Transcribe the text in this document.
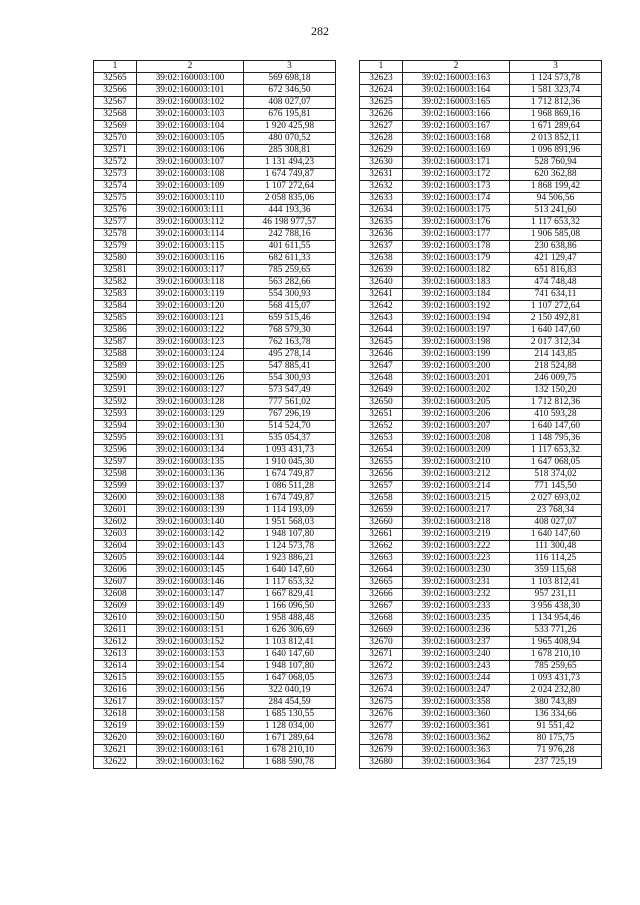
282
1	2	3
32565	39:02:160003:100	569 698,18
32566	39:02:160003:101	672 346,50
32567	39:02:160003:102	408 027,07
32568	39:02:160003:103	676 195,81
32569	39:02:160003:104	1 920 425,98
32570	39:02:160003:105	480 070,52
32571	39:02:160003:106	285 308,81
32572	39:02:160003:107	1 131 494,23
32573	39:02:160003:108	1 674 749,87
32574	39:02:160003:109	1 107 272,64
32575	39:02:160003:110	2 058 835,06
32576	39:02:160003:111	444 193,36
32577	39:02:160003:112	46 198 977,57
32578	39:02:160003:114	242 788,16
32579	39:02:160003:115	401 611,55
32580	39:02:160003:116	682 611,33
32581	39:02:160003:117	785 259,65
32582	39:02:160003:118	563 282,66
32583	39:02:160003:119	554 300,93
32584	39:02:160003:120	568 415,07
32585	39:02:160003:121	659 515,46
32586	39:02:160003:122	768 579,30
32587	39:02:160003:123	762 163,78
32588	39:02:160003:124	495 278,14
32589	39:02:160003:125	547 885,41
32590	39:02:160003:126	554 300,93
32591	39:02:160003:127	573 547,49
32592	39:02:160003:128	777 561,02
32593	39:02:160003:129	767 296,19
32594	39:02:160003:130	514 524,70
32595	39:02:160003:131	535 054,37
32596	39:02:160003:134	1 093 431,73
32597	39:02:160003:135	1 910 045,30
32598	39:02:160003:136	1 674 749,87
32599	39:02:160003:137	1 086 511,28
32600	39:02:160003:138	1 674 749,87
32601	39:02:160003:139	1 114 193,09
32602	39:02:160003:140	1 951 568,03
32603	39:02:160003:142	1 948 107,80
32604	39:02:160003:143	1 124 573,78
32605	39:02:160003:144	1 923 886,21
32606	39:02:160003:145	1 640 147,60
32607	39:02:160003:146	1 117 653,32
32608	39:02:160003:147	1 667 829,41
32609	39:02:160003:149	1 166 096,50
32610	39:02:160003:150	1 958 488,48
32611	39:02:160003:151	1 626 306,69
32612	39:02:160003:152	1 103 812,41
32613	39:02:160003:153	1 640 147,60
32614	39:02:160003:154	1 948 107,80
32615	39:02:160003:155	1 647 068,05
32616	39:02:160003:156	322 040,19
32617	39:02:160003:157	284 454,59
32618	39:02:160003:158	1 685 130,55
32619	39:02:160003:159	1 128 034,00
32620	39:02:160003:160	1 671 289,64
32621	39:02:160003:161	1 678 210,10
32622	39:02:160003:162	1 688 590,78
1	2	3
32623	39:02:160003:163	1 124 573,78
32624	39:02:160003:164	1 581 323,74
32625	39:02:160003:165	1 712 812,36
32626	39:02:160003:166	1 968 869,16
32627	39:02:160003:167	1 671 289,64
32628	39:02:160003:168	2 013 852,11
32629	39:02:160003:169	1 096 891,96
32630	39:02:160003:171	528 760,94
32631	39:02:160003:172	620 362,88
32632	39:02:160003:173	1 868 199,42
32633	39:02:160003:174	94 506,56
32634	39:02:160003:175	513 241,60
32635	39:02:160003:176	1 117 653,32
32636	39:02:160003:177	1 906 585,08
32637	39:02:160003:178	230 638,86
32638	39:02:160003:179	421 129,47
32639	39:02:160003:182	651 816,83
32640	39:02:160003:183	474 748,48
32641	39:02:160003:184	741 634,11
32642	39:02:160003:192	1 107 272,64
32643	39:02:160003:194	2 150 492,81
32644	39:02:160003:197	1 640 147,60
32645	39:02:160003:198	2 017 312,34
32646	39:02:160003:199	214 143,85
32647	39:02:160003:200	218 524,88
32648	39:02:160003:201	246 009,75
32649	39:02:160003:202	132 150,20
32650	39:02:160003:205	1 712 812,36
32651	39:02:160003:206	410 593,28
32652	39:02:160003:207	1 640 147,60
32653	39:02:160003:208	1 148 795,36
32654	39:02:160003:209	1 117 653,32
32655	39:02:160003:210	1 647 068,05
32656	39:02:160003:212	518 374,02
32657	39:02:160003:214	771 145,50
32658	39:02:160003:215	2 027 693,02
32659	39:02:160003:217	23 768,34
32660	39:02:160003:218	408 027,07
32661	39:02:160003:219	1 640 147,60
32662	39:02:160003:222	111 300,48
32663	39:02:160003:223	116 114,25
32664	39:02:160003:230	359 115,68
32665	39:02:160003:231	1 103 812,41
32666	39:02:160003:232	957 231,11
32667	39:02:160003:233	3 956 438,30
32668	39:02:160003:235	1 134 954,46
32669	39:02:160003:236	533 771,26
32670	39:02:160003:237	1 965 408,94
32671	39:02:160003:240	1 678 210,10
32672	39:02:160003:243	785 259,65
32673	39:02:160003:244	1 093 431,73
32674	39:02:160003:247	2 024 232,80
32675	39:02:160003:358	380 743,89
32676	39:02:160003:360	136 334,66
32677	39:02:160003:361	91 551,42
32678	39:02:160003:362	80 175,75
32679	39:02:160003:363	71 976,28
32680	39:02:160003:364	237 725,19
